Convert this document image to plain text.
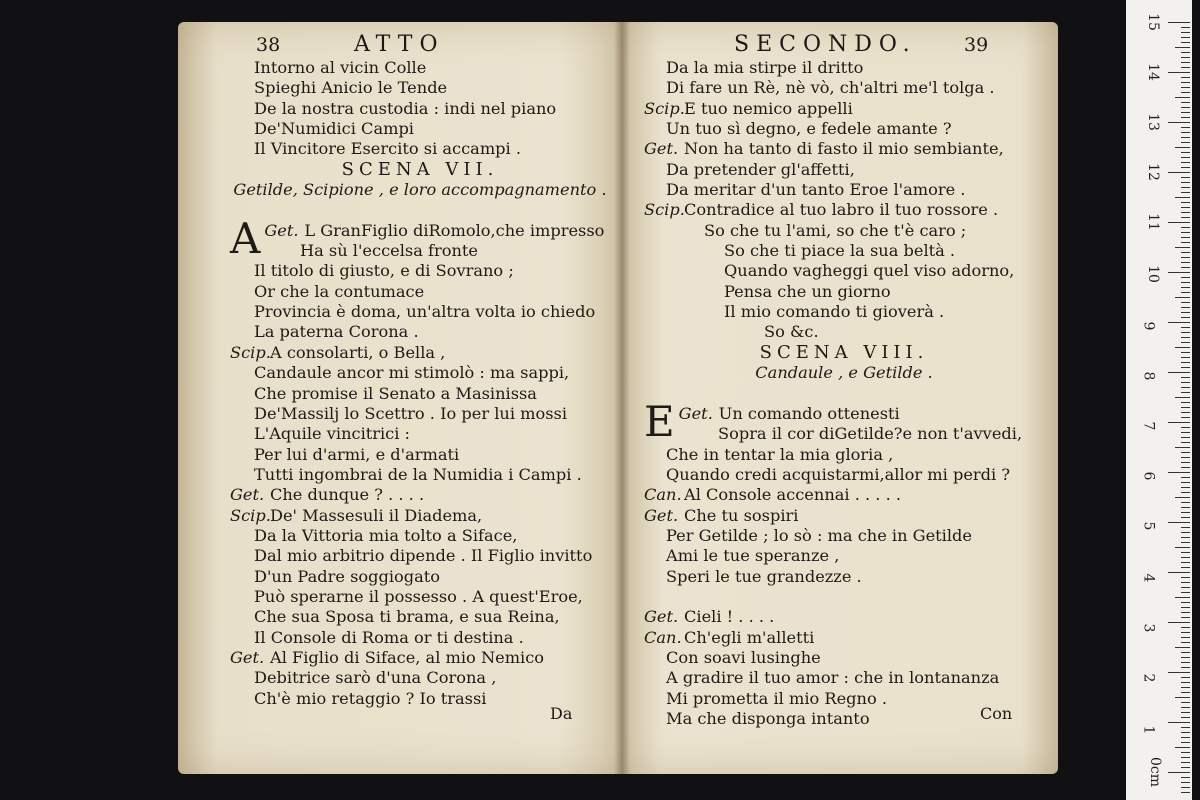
38	ATTO
Intorno al vicin Colle
Spieghi Anicio le Tende
De la nostra custodia : indi nel piano
De'Numidici Campi
Il Vincitore Esercito si accampi .
SCENA VII.
Getilde, Scipione , e loro accompagnamento .
Get.
A	L GranFiglio diRomolo,che impresso
Ha sù l'eccelsa fronte
Il titolo di giusto, e di Sovrano ;
Or che la contumace
Provincia è doma, un'altra volta io chiedo
La paterna Corona .
Scip.A consolarti, o Bella ,
Candaule ancor mi stimolò : ma sappi,
Che promise il Senato a Masinissa
De'Massilj lo Scettro . Io per lui mossi
L'Aquile vincitrici :
Per lui d'armi, e d'armati
Tutti ingombrai de la Numidia i Campi .
Get. Che dunque ? . . . .
Scip.De' Massesuli il Diadema,
Da la Vittoria mia tolto a Siface,
Dal mio arbitrio dipende . Il Figlio invitto
D'un Padre soggiogato
Può sperarne il possesso . A quest'Eroe,
Che sua Sposa ti brama, e sua Reina,
Il Console di Roma or ti destina .
Get. Al Figlio di Siface, al mio Nemico
Debitrice sarò d'una Corona ,
Ch'è mio retaggio ? Io trassi
Da
SECONDO. 39
Da la mia stirpe il dritto
Di fare un Rè, nè vò, ch'altri me'l tolga .
Scip.E tuo nemico appelli
Un tuo sì degno, e fedele amante ?
Get. Non ha tanto di fasto il mio sembiante,
Da pretender gl'affetti,
Da meritar d'un tanto Eroe l'amore .
Scip.Contradice al tuo labro il tuo rossore .
So che tu l'ami, so che t'è caro ;
So che ti piace la sua beltà .
Quando vagheggi quel viso adorno,
Pensa che un giorno
Il mio comando ti gioverà .
So &c.
SCENA VIII.
Candaule , e Getilde .
Get.
E	Un comando ottenesti
Sopra il cor diGetilde?e non t'avvedi,
Che in tentar la mia gloria ,
Quando credi acquistarmi,allor mi perdi ?
Can. Al Console accennai . . . . .
Get. Che tu sospiri
Per Getilde ; lo sò : ma che in Getilde
Ami le tue speranze ,
Speri le tue grandezze .
Get. Cieli ! . . . .
Can. Ch'egli m'alletti
Con soavi lusinghe
A gradire il tuo amor : che in lontananza
Mi prometta il mio Regno .
Ma che disponga intanto	Con
15
14
13
12
11
10
9
8
7
6
5
4
3
2
1
0cm
